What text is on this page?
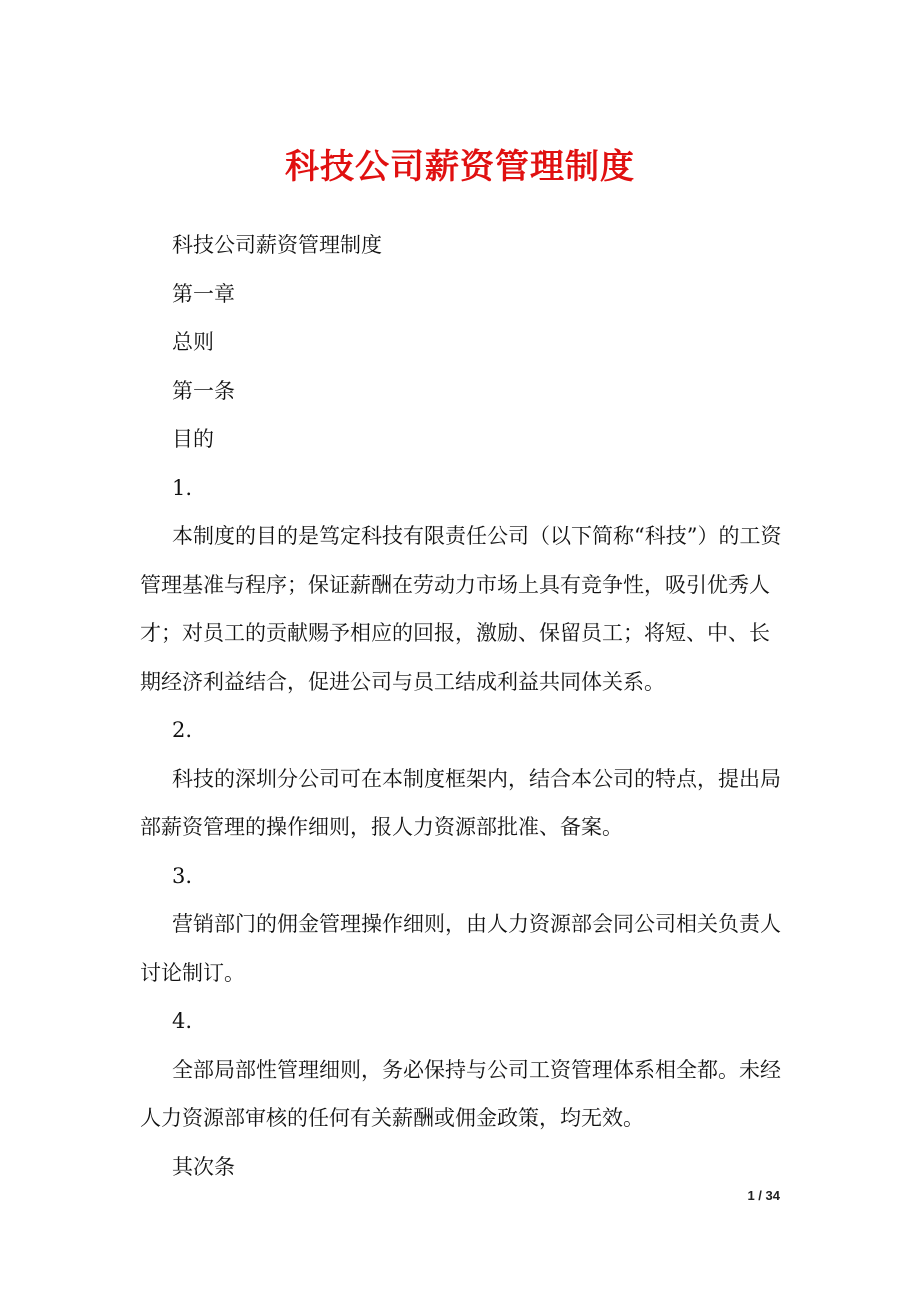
科技公司薪资管理制度

科技公司薪资管理制度

第一章

总则

第一条

目的

1.

本制度的目的是笃定科技有限责任公司（以下简称“科技”）的工资管理基准与程序；保证薪酬在劳动力市场上具有竞争性，吸引优秀人才；对员工的贡献赐予相应的回报，激励、保留员工；将短、中、长期经济利益结合，促进公司与员工结成利益共同体关系。

2.

科技的深圳分公司可在本制度框架内，结合本公司的特点，提出局部薪资管理的操作细则，报人力资源部批准、备案。

3.

营销部门的佣金管理操作细则，由人力资源部会同公司相关负责人讨论制订。

4.

全部局部性管理细则，务必保持与公司工资管理体系相全都。未经人力资源部审核的任何有关薪酬或佣金政策，均无效。

其次条

1 / 34
